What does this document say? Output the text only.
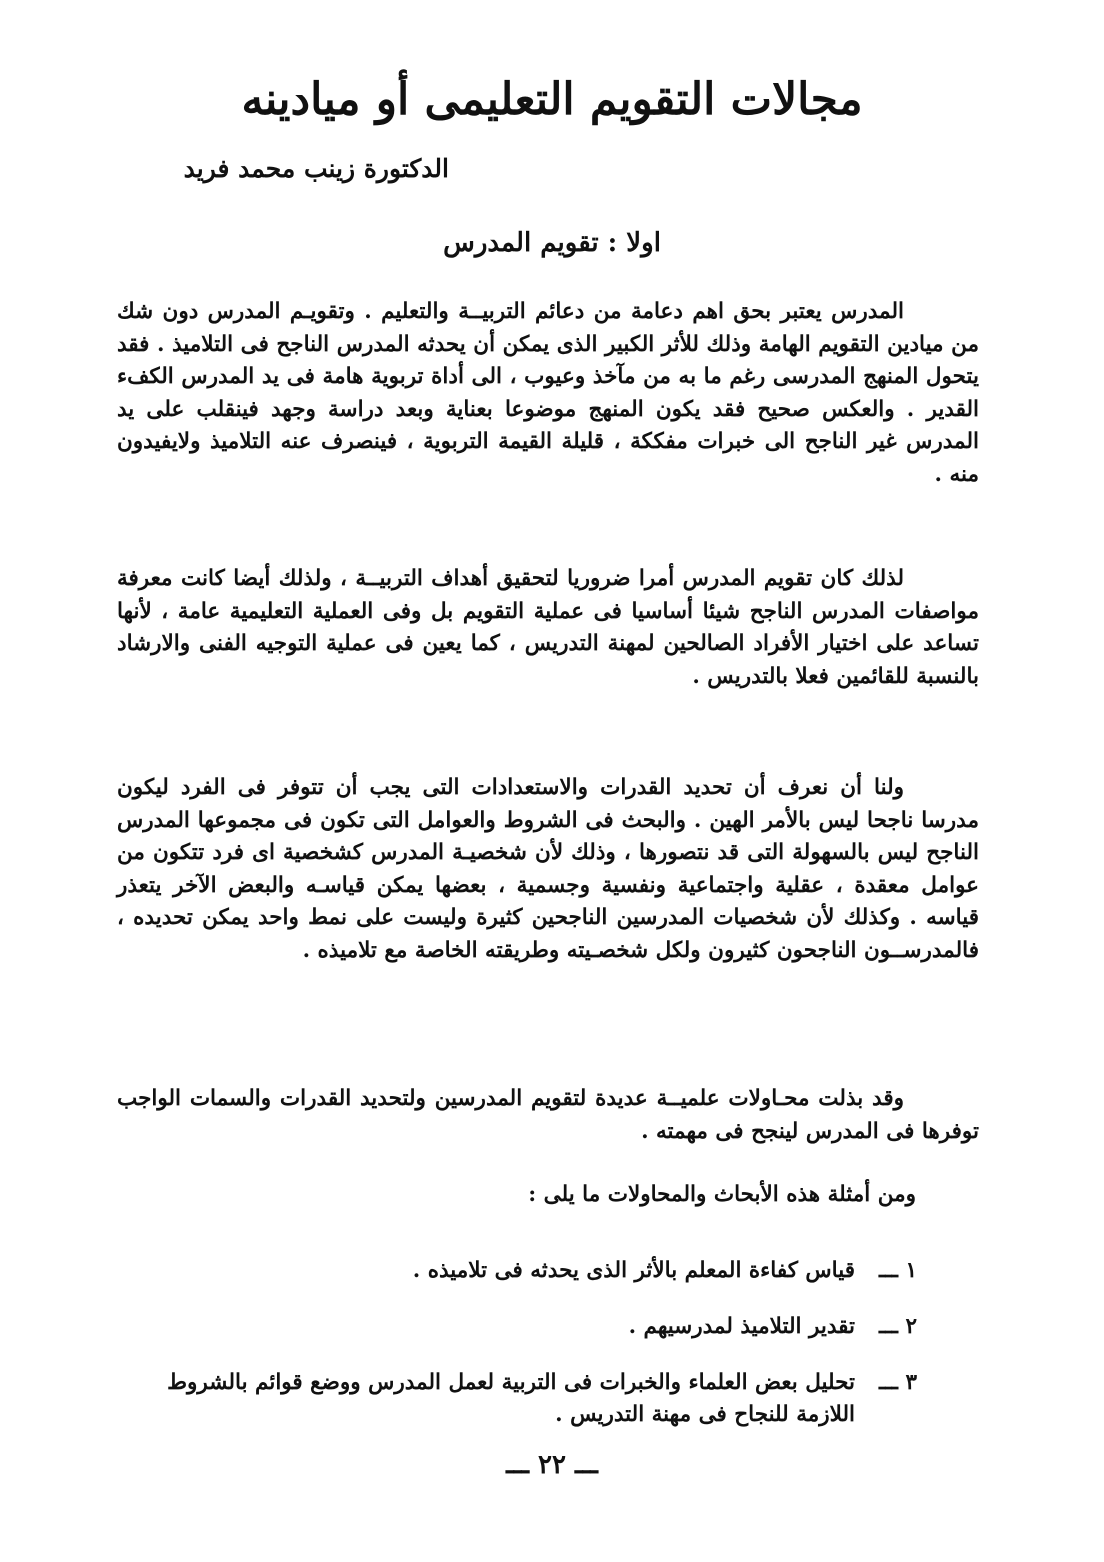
مجالات التقويم التعليمى أو ميادينه
الدكتورة زينب محمد فريد
اولا : تقويم المدرس

المدرس يعتبر بحق اهم دعامة من دعائم التربيــة والتعليم . وتقويـم المدرس دون شك من ميادين التقويم الهامة وذلك للأثر الكبير الذى يمكن أن يحدثه المدرس الناجح فى التلاميذ . فقد يتحول المنهج المدرسى رغم ما به من مآخذ وعيوب ، الى أداة تربوية هامة فى يد المدرس الكفء القدير . والعكس صحيح فقد يكون المنهج موضوعا بعناية وبعد دراسة وجهد فينقلب على يد المدرس غير الناجح الى خبرات مفككة ، قليلة القيمة التربوية ، فينصرف عنه التلاميذ ولايفيدون منه .

لذلك كان تقويم المدرس أمرا ضروريا لتحقيق أهداف التربيــة ، ولذلك أيضا كانت معرفة مواصفات المدرس الناجح شيئا أساسيا فى عملية التقويم بل وفى العملية التعليمية عامة ، لأنها تساعد على اختيار الأفراد الصالحين لمهنة التدريس ، كما يعين فى عملية التوجيه الفنى والارشاد بالنسبة للقائمين فعلا بالتدريس .

ولنا أن نعرف أن تحديد القدرات والاستعدادات التى يجب أن تتوفر فى الفرد ليكون مدرسا ناجحا ليس بالأمر الهين . والبحث فى الشروط والعوامل التى تكون فى مجموعها المدرس الناجح ليس بالسهولة التى قد نتصورها ، وذلك لأن شخصيـة المدرس كشخصية اى فرد تتكون من عوامل معقدة ، عقلية واجتماعية ونفسية وجسمية ، بعضها يمكن قياسـه والبعض الآخر يتعذر قياسه . وكذلك لأن شخصيات المدرسين الناجحين كثيرة وليست على نمط واحد يمكن تحديده ، فالمدرســون الناجحون كثيرون ولكل شخصـيته وطريقته الخاصة مع تلاميذه .

وقد بذلت محـاولات علميــة عديدة لتقويم المدرسين ولتحديد القدرات والسمات الواجب توفرها فى المدرس لينجح فى مهمته .

ومن أمثلة هذه الأبحاث والمحاولات ما يلى :
١ ـــ
قياس كفاءة المعلم بالأثر الذى يحدثه فى تلاميذه .
٢ ـــ
تقدير التلاميذ لمدرسيهم .
٣ ـــ
تحليل بعض العلماء والخبرات فى التربية لعمل المدرس ووضع قوائم بالشروط اللازمة للنجاح فى مهنة التدريس .
ـــ ٢٢ ـــ
